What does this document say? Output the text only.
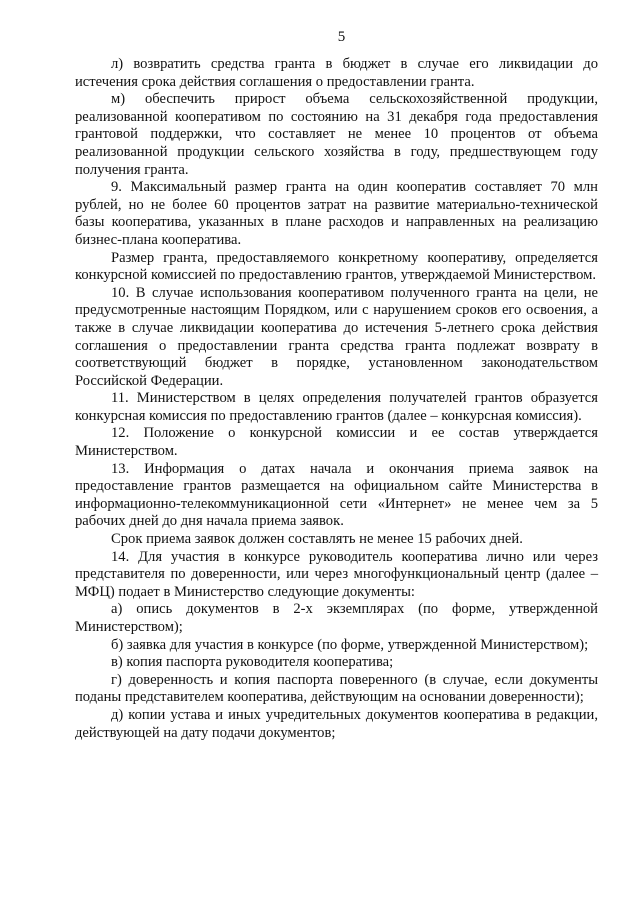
5

л) возвратить средства гранта в бюджет в случае его ликвидации до истечения срока действия соглашения о предоставлении гранта.

м) обеспечить прирост объема сельскохозяйственной продукции, реализованной кооперативом по состоянию на 31 декабря года предоставления грантовой поддержки, что составляет не менее 10 процентов от объема реализованной продукции сельского хозяйства в году, предшествующем году получения гранта.

9. Максимальный размер гранта на один кооператив составляет 70 млн рублей, но не более 60 процентов затрат на развитие материально-технической базы кооператива, указанных в плане расходов и направленных на реализацию бизнес-плана кооператива.

Размер гранта, предоставляемого конкретному кооперативу, определяется конкурсной комиссией по предоставлению грантов, утверждаемой Министерством.

10. В случае использования кооперативом полученного гранта на цели, не предусмотренные настоящим Порядком, или с нарушением сроков его освоения, а также в случае ликвидации кооператива до истечения 5-летнего срока действия соглашения о предоставлении гранта средства гранта подлежат возврату в соответствующий бюджет в порядке, установленном законодательством Российской Федерации.

11. Министерством в целях определения получателей грантов образуется конкурсная комиссия по предоставлению грантов (далее – конкурсная комиссия).

12. Положение о конкурсной комиссии и ее состав утверждается Министерством.

13. Информация о датах начала и окончания приема заявок на предоставление грантов размещается на официальном сайте Министерства в информационно-телекоммуникационной сети «Интернет» не менее чем за 5 рабочих дней до дня начала приема заявок.

Срок приема заявок должен составлять не менее 15 рабочих дней.

14. Для участия в конкурсе руководитель кооператива лично или через представителя по доверенности, или через многофункциональный центр (далее – МФЦ) подает в Министерство следующие документы:

а) опись документов в 2-х экземплярах (по форме, утвержденной Министерством);

б) заявка для участия в конкурсе (по форме, утвержденной Министерством);

в) копия паспорта руководителя кооператива;

г) доверенность и копия паспорта поверенного (в случае, если документы поданы представителем кооператива, действующим на основании доверенности);

д) копии устава и иных учредительных документов кооператива в редакции, действующей на дату подачи документов;
